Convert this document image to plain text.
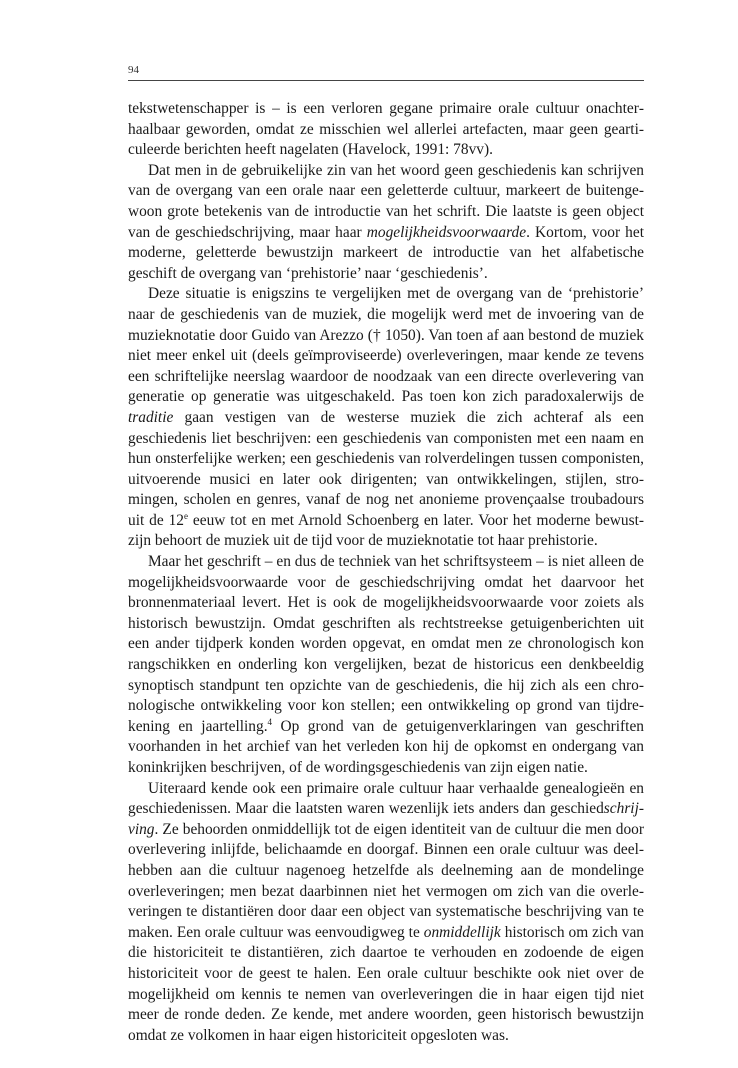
94

tekstwetenschapper is – is een verloren gegane primaire orale cultuur onachterhaalbaar geworden, omdat ze misschien wel allerlei artefacten, maar geen gearticuleerde berichten heeft nagelaten (Havelock, 1991: 78vv).

Dat men in de gebruikelijke zin van het woord geen geschiedenis kan schrijven van de overgang van een orale naar een geletterde cultuur, markeert de buitengewoon grote betekenis van de introductie van het schrift. Die laatste is geen object van de geschiedschrijving, maar haar mogelijkheidsvoorwaarde. Kortom, voor het moderne, geletterde bewustzijn markeert de introductie van het alfabetische geschift de overgang van ‘prehistorie’ naar ‘geschiedenis’.

Deze situatie is enigszins te vergelijken met de overgang van de ‘prehistorie’ naar de geschiedenis van de muziek, die mogelijk werd met de invoering van de muzieknotatie door Guido van Arezzo († 1050). Van toen af aan bestond de muziek niet meer enkel uit (deels geïmproviseerde) overleveringen, maar kende ze tevens een schriftelijke neerslag waardoor de noodzaak van een directe overlevering van generatie op generatie was uitgeschakeld. Pas toen kon zich paradoxalerwijs de traditie gaan vestigen van de westerse muziek die zich achteraf als een geschiedenis liet beschrijven: een geschiedenis van componisten met een naam en hun onsterfelijke werken; een geschiedenis van rolverdelingen tussen componisten, uitvoerende musici en later ook dirigenten; van ontwikkelingen, stijlen, stromingen, scholen en genres, vanaf de nog net anonieme provençaalse troubadours uit de 12e eeuw tot en met Arnold Schoenberg en later. Voor het moderne bewustzijn behoort de muziek uit de tijd voor de muzieknotatie tot haar prehistorie.

Maar het geschrift – en dus de techniek van het schriftsysteem – is niet alleen de mogelijkheidsvoorwaarde voor de geschiedschrijving omdat het daarvoor het bronnenmateriaal levert. Het is ook de mogelijkheidsvoorwaarde voor zoiets als historisch bewustzijn. Omdat geschriften als rechtstreekse getuigenberichten uit een ander tijdperk konden worden opgevat, en omdat men ze chronologisch kon rangschikken en onderling kon vergelijken, bezat de historicus een denkbeeldig synoptisch standpunt ten opzichte van de geschiedenis, die hij zich als een chronologische ontwikkeling voor kon stellen; een ontwikkeling op grond van tijdrekening en jaartelling.$^4$ Op grond van de getuigenverklaringen van geschriften voorhanden in het archief van het verleden kon hij de opkomst en ondergang van koninkrijken beschrijven, of de wordingsgeschiedenis van zijn eigen natie.

Uiteraard kende ook een primaire orale cultuur haar verhaalde genealogieën en geschiedenissen. Maar die laatsten waren wezenlijk iets anders dan geschiedschrijving. Ze behoorden onmiddellijk tot de eigen identiteit van de cultuur die men door overlevering inlijfde, belichaamde en doorgaf. Binnen een orale cultuur was deelhebben aan die cultuur nagenoeg hetzelfde als deelneming aan de mondelinge overleveringen; men bezat daarbinnen niet het vermogen om zich van die overleveringen te distantiëren door daar een object van systematische beschrijving van te maken. Een orale cultuur was eenvoudigweg te onmiddellijk historisch om zich van die historiciteit te distantiëren, zich daartoe te verhouden en zodoende de eigen historiciteit voor de geest te halen. Een orale cultuur beschikte ook niet over de mogelijkheid om kennis te nemen van overleveringen die in haar eigen tijd niet meer de ronde deden. Ze kende, met andere woorden, geen historisch bewustzijn omdat ze volkomen in haar eigen historiciteit opgesloten was.
